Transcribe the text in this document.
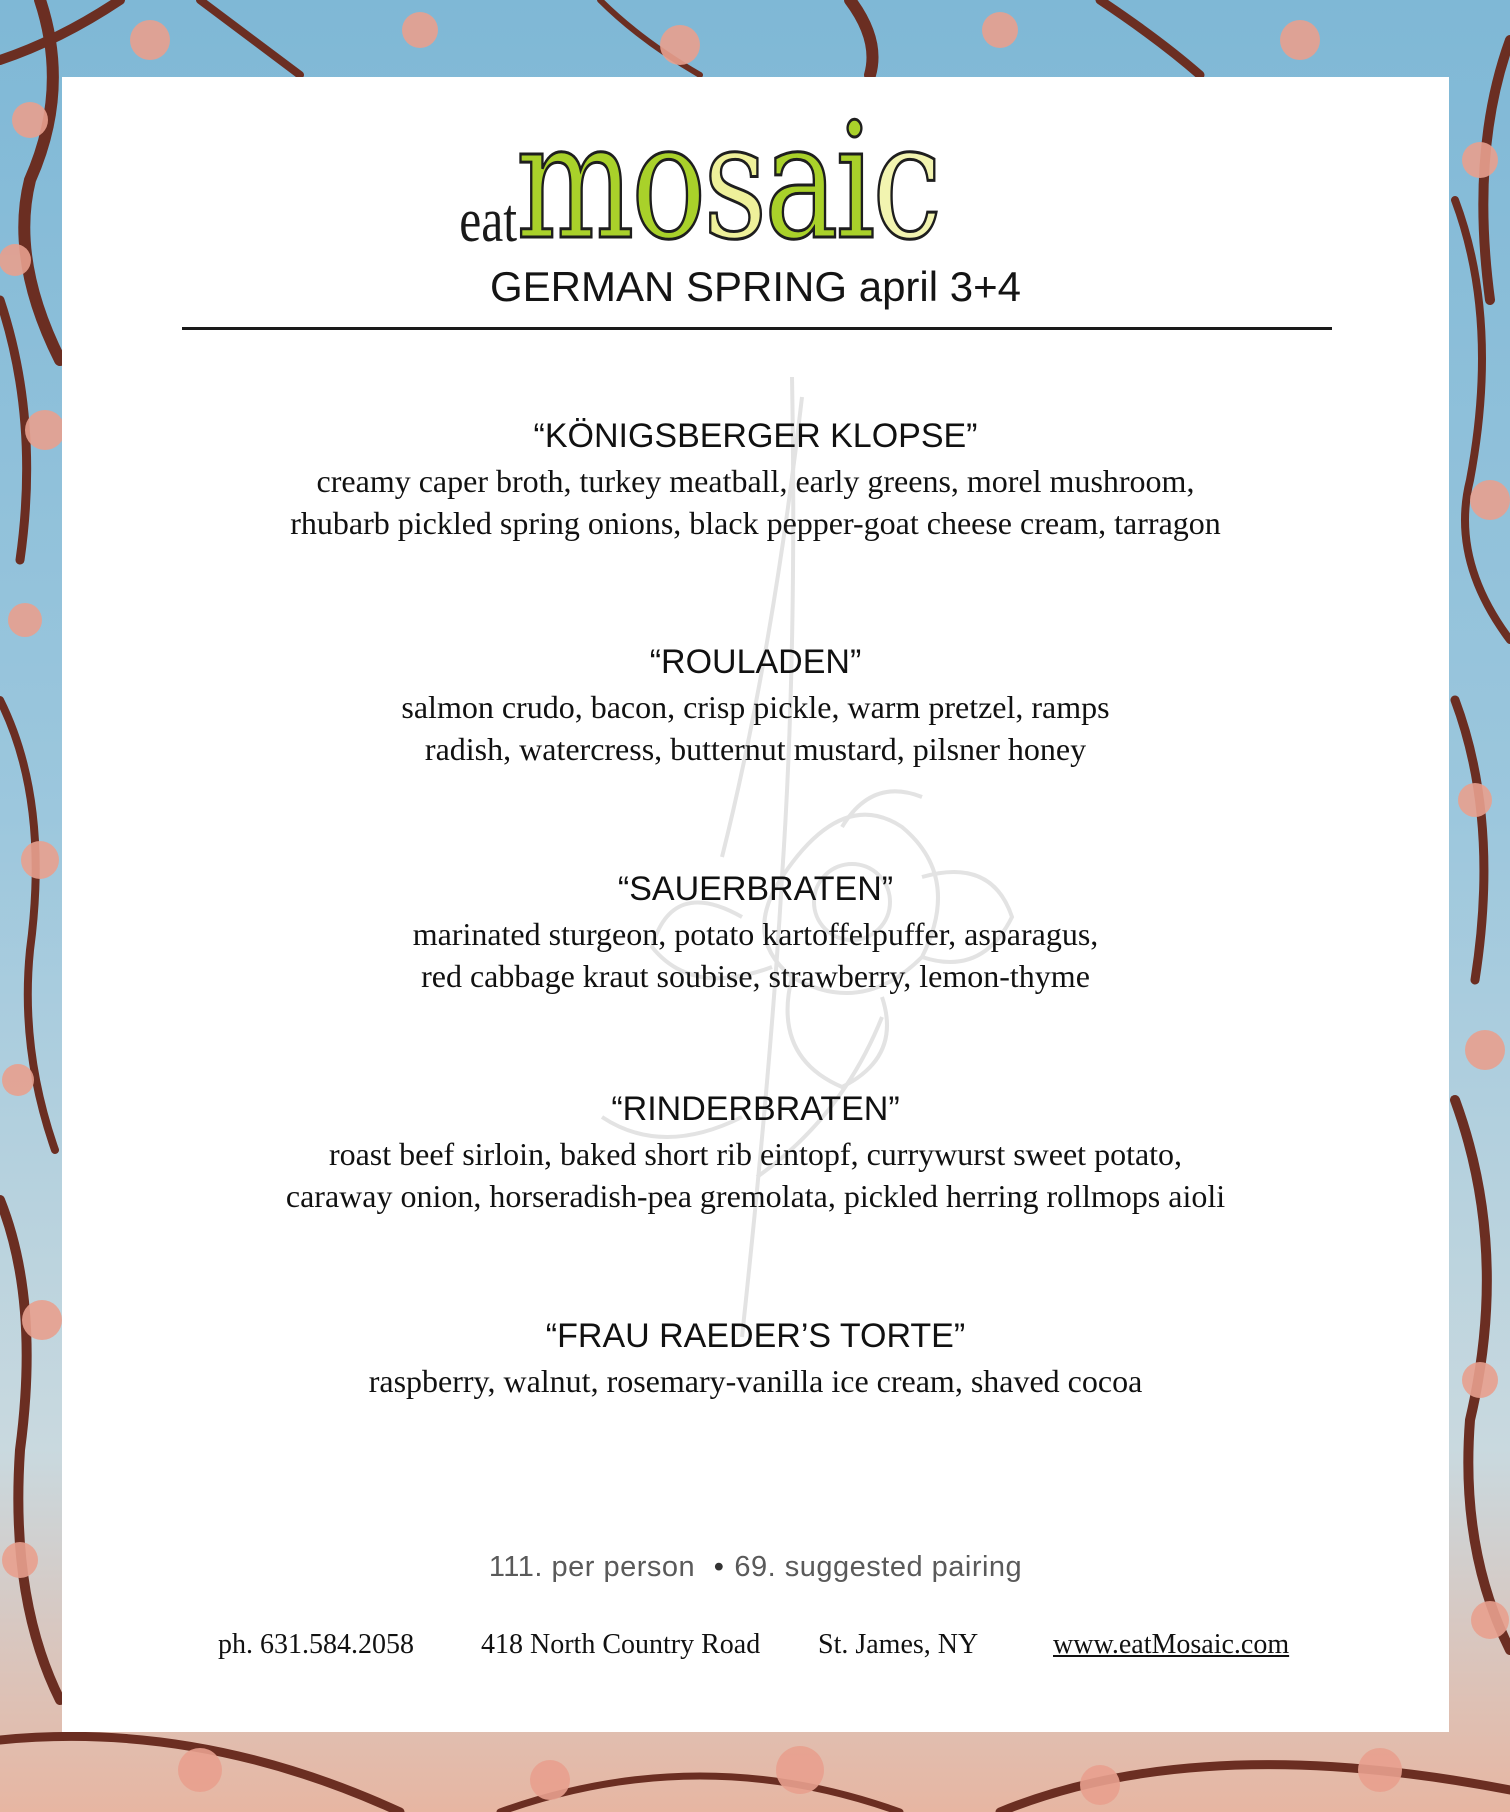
eatmosaic
GERMAN SPRING april 3+4
“KÖNIGSBERGER KLOPSE”
creamy caper broth, turkey meatball, early greens, morel mushroom,
rhubarb pickled spring onions, black pepper-goat cheese cream, tarragon
“ROULADEN”
salmon crudo, bacon, crisp pickle, warm pretzel, ramps
radish, watercress, butternut mustard, pilsner honey
“SAUERBRATEN”
marinated sturgeon, potato kartoffelpuffer, asparagus,
red cabbage kraut soubise, strawberry, lemon-thyme
“RINDERBRATEN”
roast beef sirloin, baked short rib eintopf, currywurst sweet potato,
caraway onion, horseradish-pea gremolata, pickled herring rollmops aioli
“FRAU RAEDER’S TORTE”
raspberry, walnut, rosemary-vanilla ice cream, shaved cocoa
111. per person • 69. suggested pairing
ph. 631.584.2058 418 North Country Road St. James, NY	www.eatMosaic.com
